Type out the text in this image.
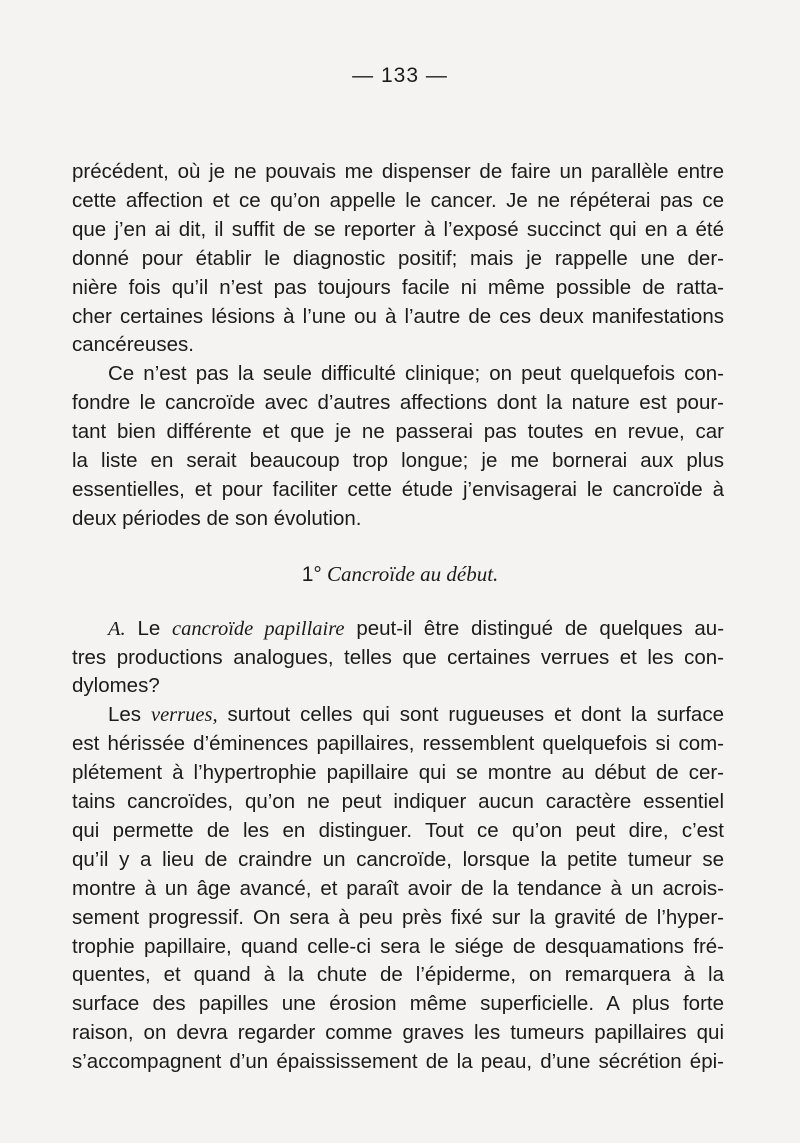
— 133 —
précédent, où je ne pouvais me dispenser de faire un parallèle entre
cette affection et ce qu’on appelle le cancer. Je ne répéterai pas ce
que j’en ai dit, il suffit de se reporter à l’exposé succinct qui en a été
donné pour établir le diagnostic positif; mais je rappelle une der-
nière fois qu’il n’est pas toujours facile ni même possible de ratta-
cher certaines lésions à l’une ou à l’autre de ces deux manifestations
cancéreuses.
Ce n’est pas la seule difficulté clinique; on peut quelquefois con-
fondre le cancroïde avec d’autres affections dont la nature est pour-
tant bien différente et que je ne passerai pas toutes en revue, car
la liste en serait beaucoup trop longue; je me bornerai aux plus
essentielles, et pour faciliter cette étude j’envisagerai le cancroïde à
deux périodes de son évolution.
1° Cancroïde au début.
A. Le cancroïde papillaire peut-il être distingué de quelques au-
tres productions analogues, telles que certaines verrues et les con-
dylomes?
Les verrues, surtout celles qui sont rugueuses et dont la surface
est hérissée d’éminences papillaires, ressemblent quelquefois si com-
plétement à l’hypertrophie papillaire qui se montre au début de cer-
tains cancroïdes, qu’on ne peut indiquer aucun caractère essentiel
qui permette de les en distinguer. Tout ce qu’on peut dire, c’est
qu’il y a lieu de craindre un cancroïde, lorsque la petite tumeur se
montre à un âge avancé, et paraît avoir de la tendance à un acrois-
sement progressif. On sera à peu près fixé sur la gravité de l’hyper-
trophie papillaire, quand celle-ci sera le siége de desquamations fré-
quentes, et quand à la chute de l’épiderme, on remarquera à la
surface des papilles une érosion même superficielle. A plus forte
raison, on devra regarder comme graves les tumeurs papillaires qui
s’accompagnent d’un épaississement de la peau, d’une sécrétion épi-
